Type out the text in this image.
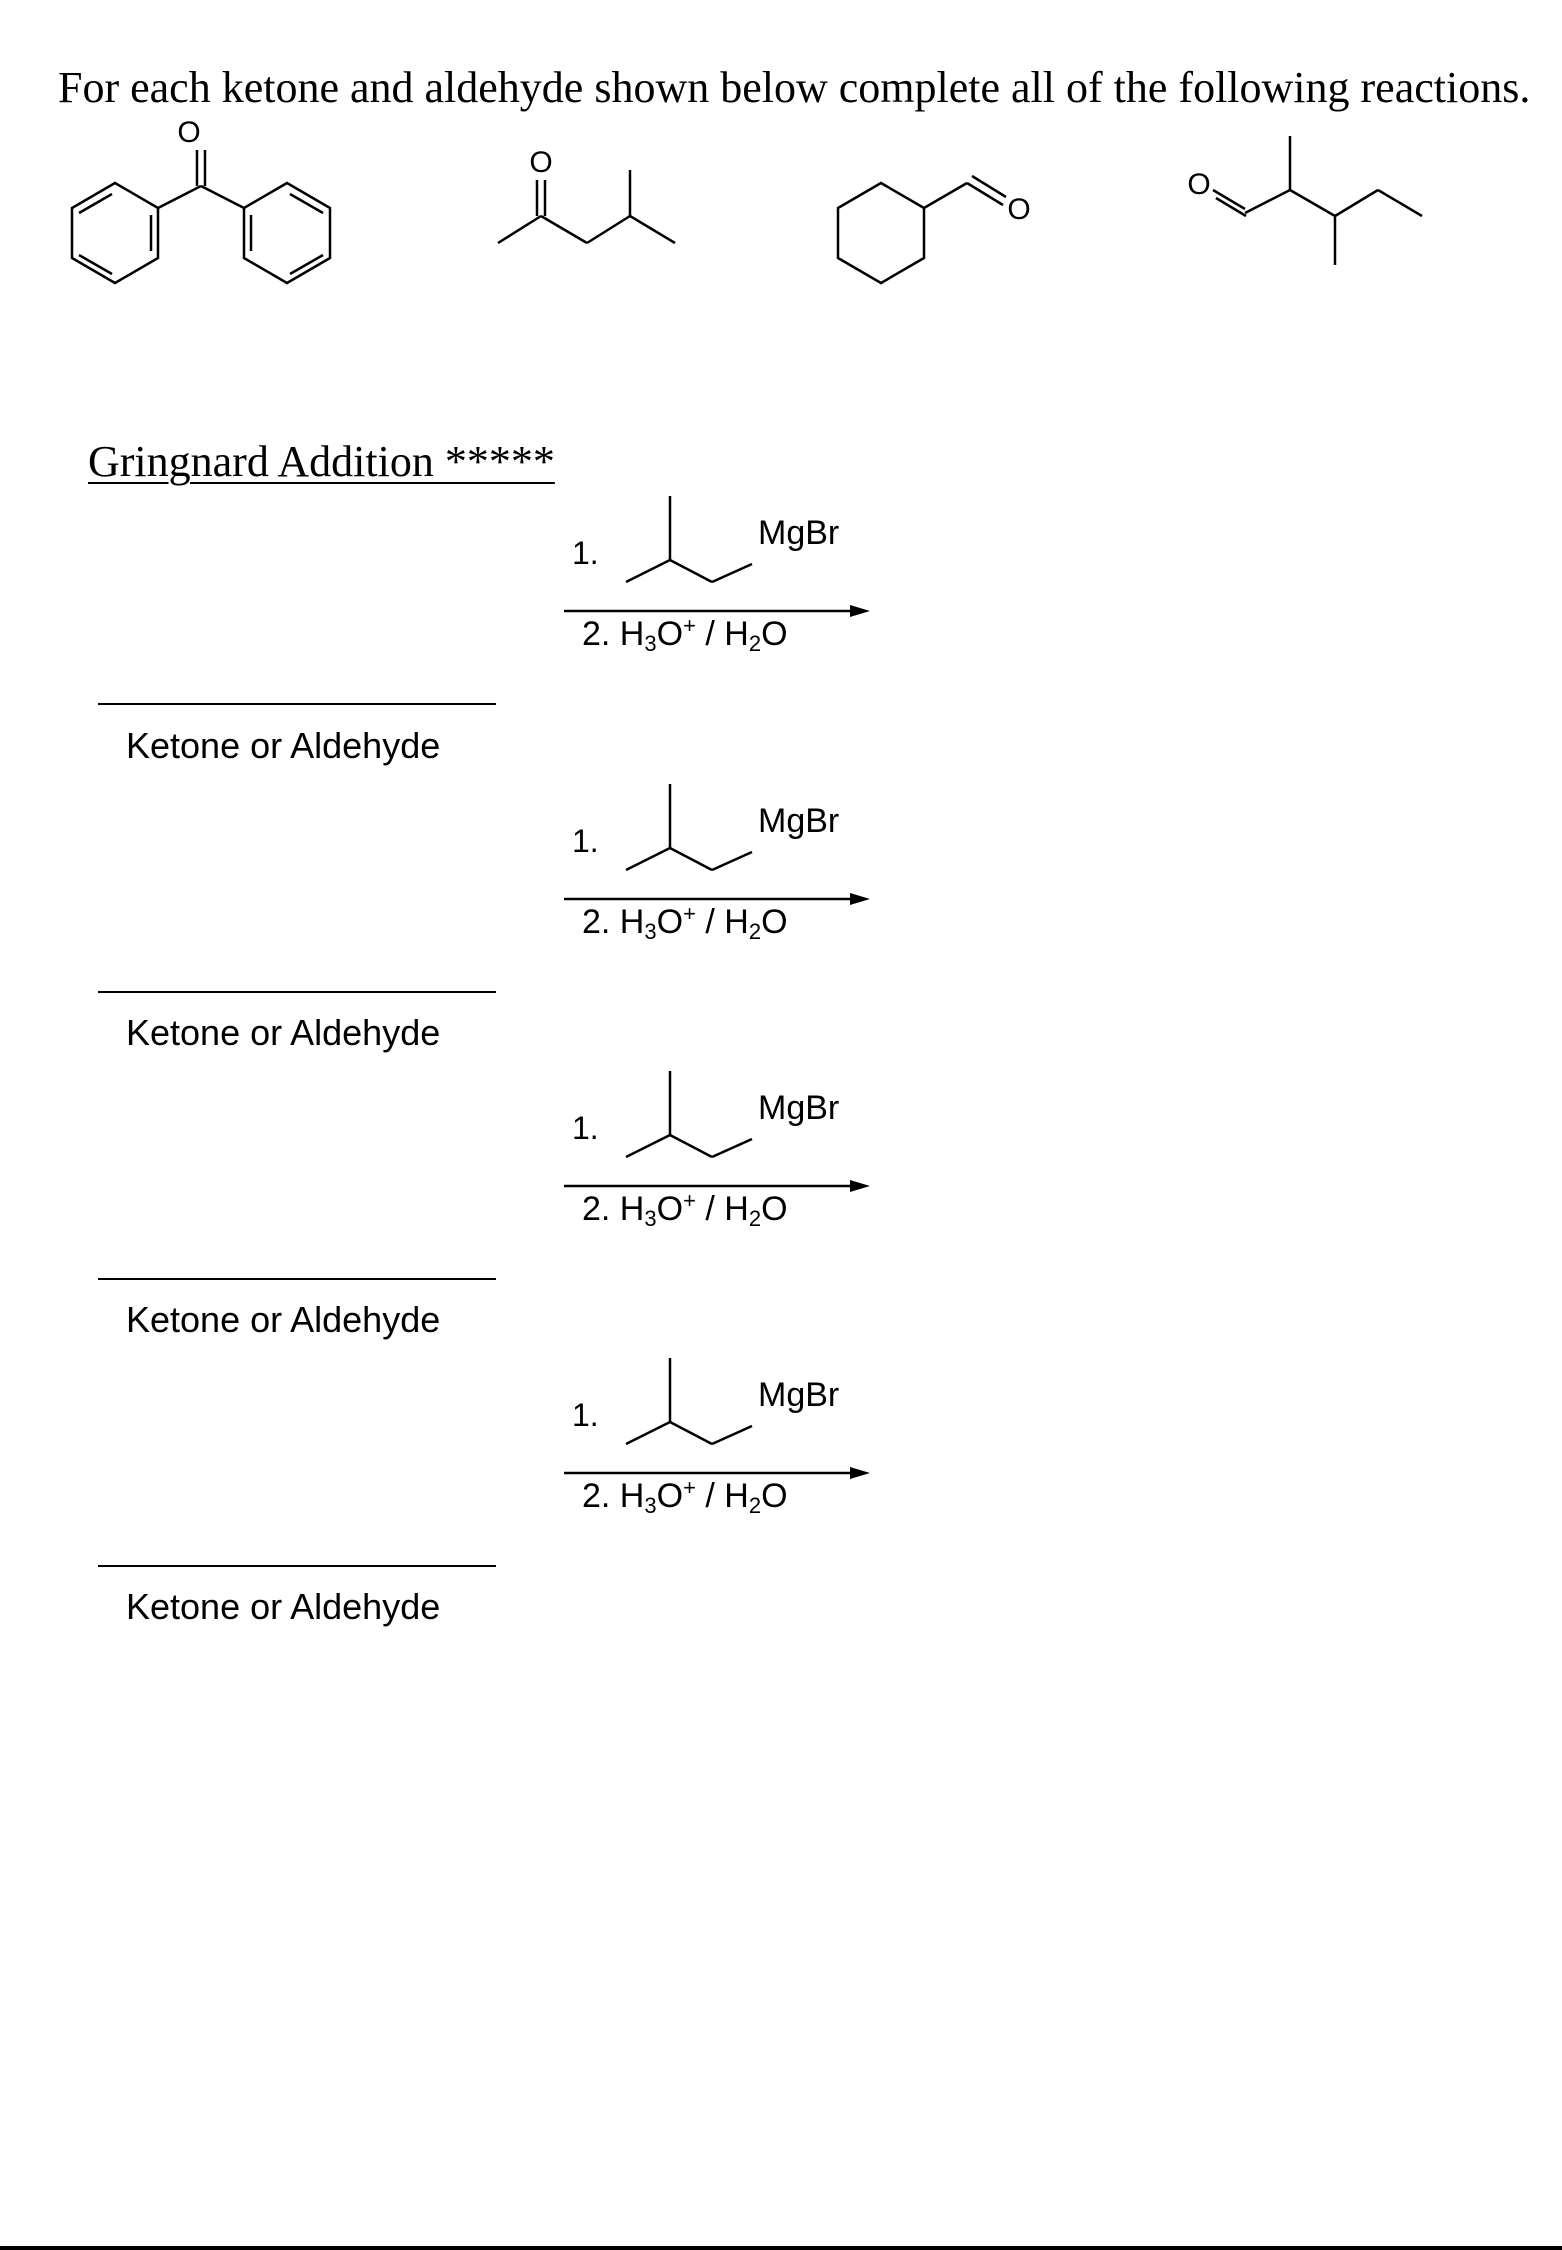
For each ketone and aldehyde shown below complete all of the following reactions.
O
O
O
O
Gringnard Addition *****
1.
MgBr
2. $H_3O^+ / H_2O$
Ketone or Aldehyde
1.
MgBr
2. $H_3O^+ / H_2O$
Ketone or Aldehyde
1.
MgBr
2. $H_3O^+ / H_2O$
Ketone or Aldehyde
1.
MgBr
2. $H_3O^+ / H_2O$
Ketone or Aldehyde
